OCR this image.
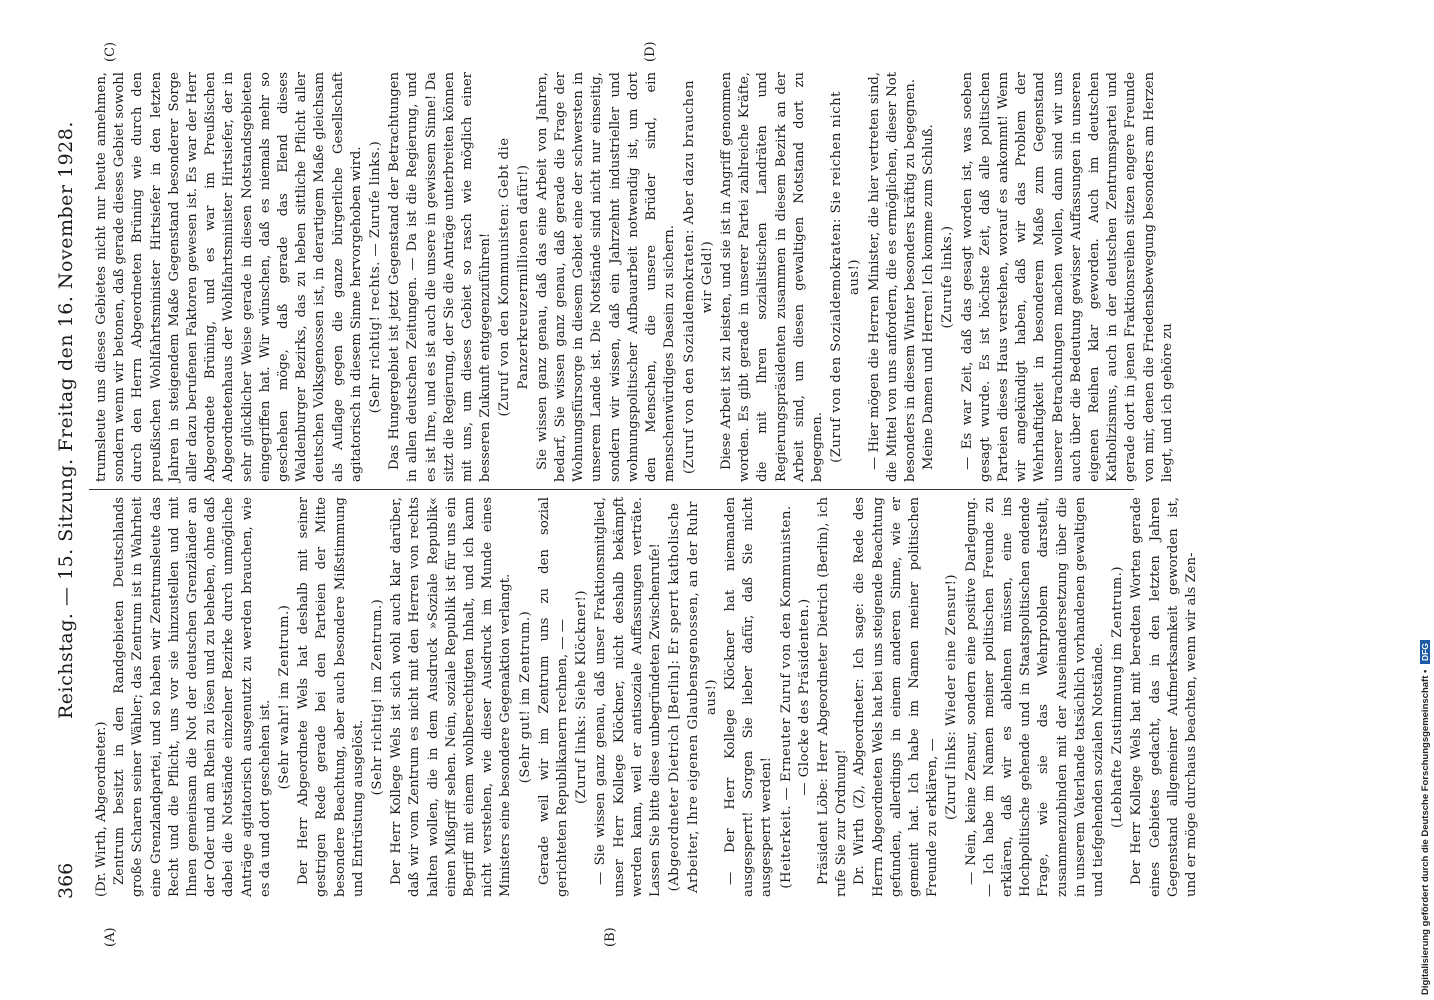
366
Reichstag. — 15. Sitzung. Freitag den 16. November 1928.
(A)	(B)
(C)	(D)

(Dr. Wirth, Abgeordneter.) Zentrum besitzt in den Randgebieten Deutschlands große Scharen seiner Wähler; das Zentrum ist in Wahrheit eine Grenzlandpartei, und so haben wir Zentrumsleute das Recht und die Pflicht, uns vor sie hinzustellen und mit Ihnen gemeinsam die Not der deutschen Grenzländer an der Oder und am Rhein zu lösen und zu beheben, ohne daß dabei die Notstände einzelner Bezirke durch unmögliche Anträge agitatorisch ausgenutzt zu werden brauchen, wie es da und dort geschehen ist.

(Sehr wahr! im Zentrum.) Der Herr Abgeordnete Wels hat deshalb mit seiner gestrigen Rede gerade bei den Parteien der Mitte besondere Beachtung, aber auch besondere Mißstimmung und Entrüstung ausgelöst.

(Sehr richtig! im Zentrum.) Der Herr Kollege Wels ist sich wohl auch klar darüber, daß wir vom Zentrum es nicht mit den Herren von rechts halten wollen, die in dem Ausdruck »Soziale Republik« einen Mißgriff sehen. Nein, soziale Republik ist für uns ein Begriff mit einem wohlberechtigten Inhalt, und ich kann nicht verstehen, wie dieser Ausdruck im Munde eines Ministers eine besondere Gegenaktion verlangt. (Sehr gut! im Zentrum.) Gerade weil wir im Zentrum uns zu den sozial gerichteten Republikanern rechnen, — — (Zuruf links: Siehe Klöckner!) — Sie wissen ganz genau, daß unser Fraktionsmitglied, unser Herr Kollege Klöckner, nicht deshalb bekämpft werden kann, weil er antisoziale Auffassungen verträte. Lassen Sie bitte diese unbegründeten Zwischenrufe! (Abgeordneter Dietrich [Berlin]: Er sperrt katholische Arbeiter, Ihre eigenen Glaubensgenossen, an der Ruhr aus!) — Der Herr Kollege Klöckner hat niemanden ausgesperrt! Sorgen Sie lieber dafür, daß Sie nicht ausgesperrt werden! (Heiterkeit. — Erneuter Zuruf von den Kommunisten. — Glocke des Präsidenten.) Präsident Löbe: Herr Abgeordneter Dietrich (Berlin), ich rufe Sie zur Ordnung! Dr. Wirth (Z), Abgeordneter: Ich sage: die Rede des Herrn Abgeordneten Wels hat bei uns steigende Beachtung gefunden, allerdings in einem anderen Sinne, wie er gemeint hat. Ich habe im Namen meiner politischen Freunde zu erklären, — (Zuruf links: Wieder eine Zensur!) — Nein, keine Zensur, sondern eine positive Darlegung. — Ich habe im Namen meiner politischen Freunde zu erklären, daß wir es ablehnen müssen, eine ins Hochpolitische gehende und in Staatspolitischen endende Frage, wie sie das Wehrproblem darstellt, zusammenzubinden mit der Auseinandersetzung über die in unserem Vaterlande tatsächlich vorhandenen gewaltigen und tiefgehenden sozialen Notstände. (Lebhafte Zustimmung im Zentrum.) Der Herr Kollege Wels hat mit beredten Worten gerade eines Gebietes gedacht, das in den letzten Jahren Gegenstand allgemeiner Aufmerksamkeit geworden ist, und er möge durchaus beachten, wenn wir als Zen-

trumsleute uns dieses Gebietes nicht nur heute annehmen, sondern wenn wir betonen, daß gerade dieses Gebiet sowohl durch den Herrn Abgeordneten Brüning wie durch den preußischen Wohlfahrtsminister Hirtsiefer in den letzten Jahren in steigendem Maße Gegenstand besonderer Sorge aller dazu berufenen Faktoren gewesen ist. Es war der Herr Abgeordnete Brüning, und es war im Preußischen Abgeordnetenhaus der Wohlfahrtsminister Hirtsiefer, der in sehr glücklicher Weise gerade in diesen Notstandsgebieten eingegriffen hat. Wir wünschen, daß es niemals mehr so geschehen möge, daß gerade das Elend dieses Waldenburger Bezirks, das zu heben sittliche Pflicht aller deutschen Volksgenossen ist, in derartigem Maße gleichsam als Auflage gegen die ganze bürgerliche Gesellschaft agitatorisch in diesem Sinne hervorgehoben wird. (Sehr richtig! rechts. — Zurufe links.) Das Hungergebiet ist jetzt Gegenstand der Betrachtungen in allen deutschen Zeitungen. — Da ist die Regierung, und es ist Ihre, und es ist auch die unsere in gewissem Sinne! Da sitzt die Regierung, der Sie die Anträge unterbreiten können mit uns, um dieses Gebiet so rasch wie möglich einer besseren Zukunft entgegenzuführen! (Zuruf von den Kommunisten: Gebt die Panzerkreuzermillionen dafür!) Sie wissen ganz genau, daß das eine Arbeit von Jahren, bedarf, Sie wissen ganz genau, daß gerade die Frage der Wohnungsfürsorge in diesem Gebiet eine der schwersten in unserem Lande ist. Die Notstände sind nicht nur einseitig, sondern wir wissen, daß ein Jahrzehnt industrieller und wohnungspolitischer Aufbauarbeit notwendig ist, um dort den Menschen, die unsere Brüder sind, ein menschenwürdiges Dasein zu sichern. (Zuruf von den Sozialdemokraten: Aber dazu brauchen wir Geld!) Diese Arbeit ist zu leisten, und sie ist in Angriff genommen worden. Es gibt gerade in unserer Partei zahlreiche Kräfte, die mit Ihren sozialistischen Landräten und Regierungspräsidenten zusammen in diesem Bezirk an der Arbeit sind, um diesen gewaltigen Notstand dort zu begegnen. (Zuruf von den Sozialdemokraten: Sie reichen nicht aus!) — Hier mögen die Herren Minister, die hier vertreten sind, die Mittel von uns anfordern, die es ermöglichen, dieser Not besonders in diesem Winter besonders kräftig zu begegnen. Meine Damen und Herren! Ich komme zum Schluß. (Zurufe links.) — Es war Zeit, daß das gesagt worden ist, was soeben gesagt wurde. Es ist höchste Zeit, daß alle politischen Parteien dieses Haus verstehen, worauf es ankommt! Wenn wir angekündigt haben, daß wir das Problem der Wehrhaftigkeit in besonderem Maße zum Gegenstand unserer Betrachtungen machen wollen, dann sind wir uns auch über die Bedeutung gewisser Auffassungen in unseren eigenen Reihen klar geworden. Auch im deutschen Katholizismus, auch in der deutschen Zentrumspartei und gerade dort in jenen Fraktionsreihen sitzen engere Freunde von mir, denen die Friedensbewegung besonders am Herzen liegt, und ich gehöre zu

Digitalisierung gefördert durch die Deutsche Forschungsgemeinschaft • DFG
